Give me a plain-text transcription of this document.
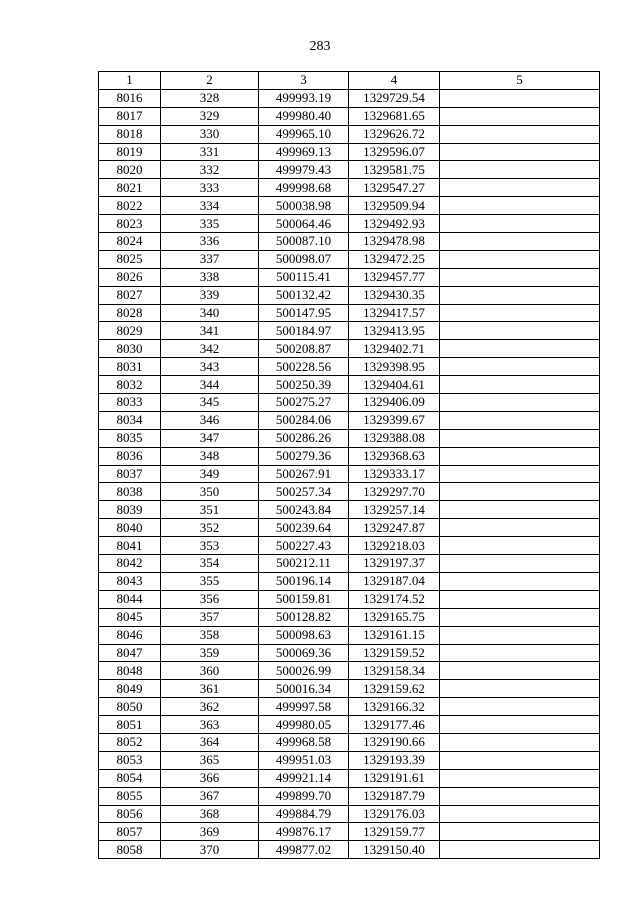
283
1	2	3	4	5
8016	328	499993.19	1329729.54	
8017	329	499980.40	1329681.65	
8018	330	499965.10	1329626.72	
8019	331	499969.13	1329596.07	
8020	332	499979.43	1329581.75	
8021	333	499998.68	1329547.27	
8022	334	500038.98	1329509.94	
8023	335	500064.46	1329492.93	
8024	336	500087.10	1329478.98	
8025	337	500098.07	1329472.25	
8026	338	500115.41	1329457.77	
8027	339	500132.42	1329430.35	
8028	340	500147.95	1329417.57	
8029	341	500184.97	1329413.95	
8030	342	500208.87	1329402.71	
8031	343	500228.56	1329398.95	
8032	344	500250.39	1329404.61	
8033	345	500275.27	1329406.09	
8034	346	500284.06	1329399.67	
8035	347	500286.26	1329388.08	
8036	348	500279.36	1329368.63	
8037	349	500267.91	1329333.17	
8038	350	500257.34	1329297.70	
8039	351	500243.84	1329257.14	
8040	352	500239.64	1329247.87	
8041	353	500227.43	1329218.03	
8042	354	500212.11	1329197.37	
8043	355	500196.14	1329187.04	
8044	356	500159.81	1329174.52	
8045	357	500128.82	1329165.75	
8046	358	500098.63	1329161.15	
8047	359	500069.36	1329159.52	
8048	360	500026.99	1329158.34	
8049	361	500016.34	1329159.62	
8050	362	499997.58	1329166.32	
8051	363	499980.05	1329177.46	
8052	364	499968.58	1329190.66	
8053	365	499951.03	1329193.39	
8054	366	499921.14	1329191.61	
8055	367	499899.70	1329187.79	
8056	368	499884.79	1329176.03	
8057	369	499876.17	1329159.77	
8058	370	499877.02	1329150.40	
